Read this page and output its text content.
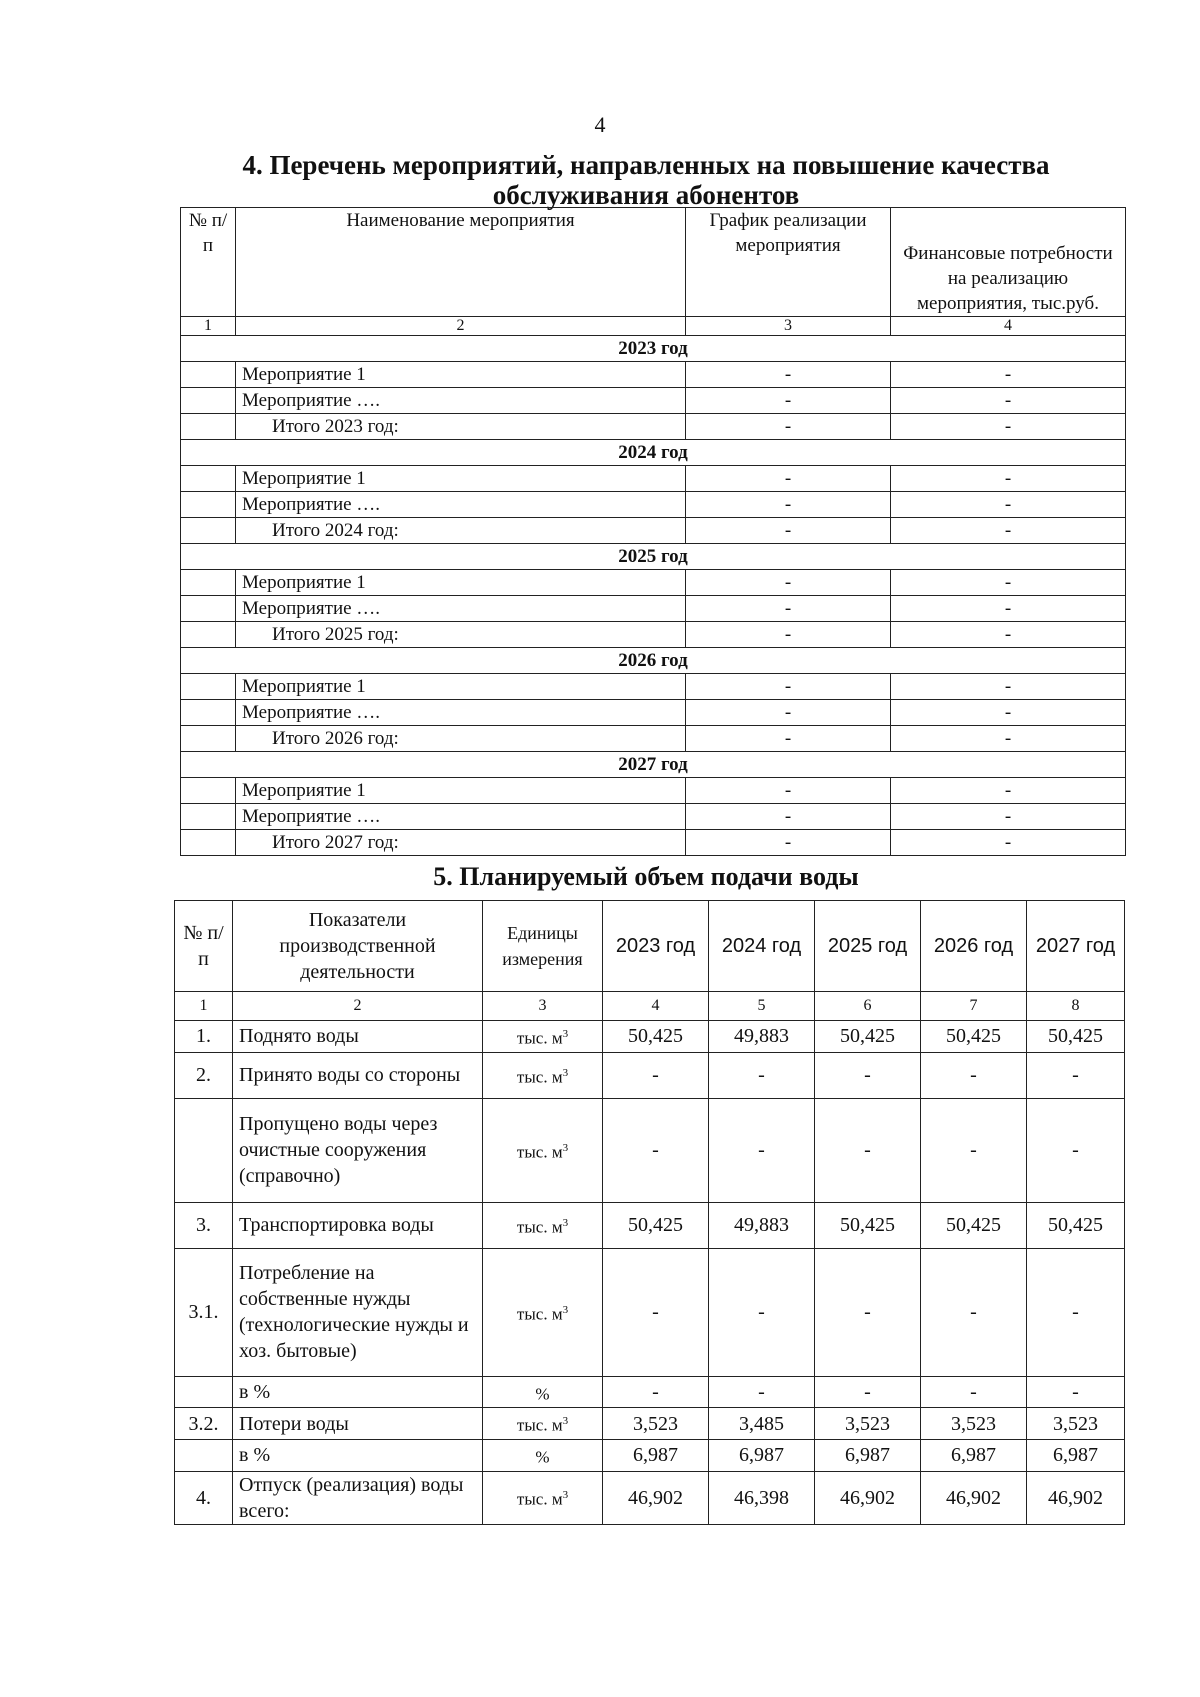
4
4. Перечень мероприятий, направленных на повышение качества обслуживания абонентов
№ п/п	Наименование мероприятия	График реализации мероприятия	Финансовые потребности на реализацию мероприятия, тыс.руб.
1	2	3	4
2023 год			
	Мероприятие 1	-	-
	Мероприятие ….	-	-
	Итого 2023 год:	-	-
2024 год			
	Мероприятие 1	-	-
	Мероприятие ….	-	-
	Итого 2024 год:	-	-
2025 год			
	Мероприятие 1	-	-
	Мероприятие ….	-	-
	Итого 2025 год:	-	-
2026 год			
	Мероприятие 1	-	-
	Мероприятие ….	-	-
	Итого 2026 год:	-	-
2027 год			
	Мероприятие 1	-	-
	Мероприятие ….	-	-
	Итого 2027 год:	-	-
5. Планируемый объем подачи воды
№ п/п	Показатели производственной деятельности	Единицы измерения	2023 год	2024 год	2025 год	2026 год	2027 год
1	2	3	4	5	6	7	8
1.	Поднято воды	тыс. $м^3$	50,425	49,883	50,425	50,425	50,425
2.	Принято воды со стороны	тыс. $м^3$	-	-	-	-	-
	Пропущено воды через очистные сооружения (справочно)	тыс. $м^3$	-	-	-	-	-
3.	Транспортировка воды	тыс. $м^3$	50,425	49,883	50,425	50,425	50,425
3.1.	Потребление на собственные нужды (технологические нужды и хоз. бытовые)	тыс. $м^3$	-	-	-	-	-
	в %	%	-	-	-	-	-
3.2.	Потери воды	тыс. $м^3$	3,523	3,485	3,523	3,523	3,523
	в %	%	6,987	6,987	6,987	6,987	6,987
4.	Отпуск (реализация) воды всего:	тыс. $м^3$	46,902	46,398	46,902	46,902	46,902
